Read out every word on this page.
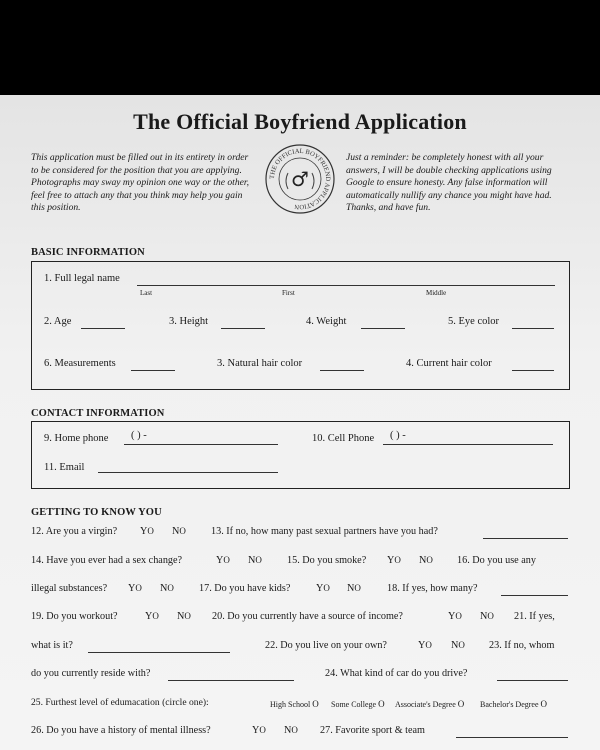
The Official Boyfriend Application
This application must be filled out in its entirety in order to be considered for the position that you are applying. Photographs may sway my opinion one way or the other, feel free to attach any that you think may help you gain this position.
Just a reminder: be completely honest with all your answers, I will be double checking applications using Google to ensure honesty. Any false information will automatically nullify any chance you might have had. Thanks, and have fun.
THE OFFICIAL BOYFRIEND APPLICATION
♂
BASIC INFORMATION
1. Full legal name
Last	First	Middle
2. Age	3. Height	4. Weight	5. Eye color
6. Measurements	3. Natural hair color	4. Current hair color
CONTACT INFORMATION
9. Home phone ( ) -	10. Cell Phone ( ) -
11. Email
GETTING TO KNOW YOU
12. Are you a virgin? YO NO 13. If no, how many past sexual partners have you had?
14. Have you ever had a sex change?	YO NO 15. Do you smoke? YO NO 16. Do you use any
illegal substances? YO NO 17. Do you have kids?	YO NO	18. If yes, how many?
19. Do you workout?	YO NO 20. Do you currently have a source of income?	YO NO 21. If yes,
what is it?	22. Do you live on your own?	YO NO 23. If no, whom
do you currently reside with?	24. What kind of car do you drive?
25. Furthest level of edumacation (circle one):	High School O Some College O Associate's Degree O Bachelor's Degree O
26. Do you have a history of mental illness?	YO NO 27. Favorite sport & team
